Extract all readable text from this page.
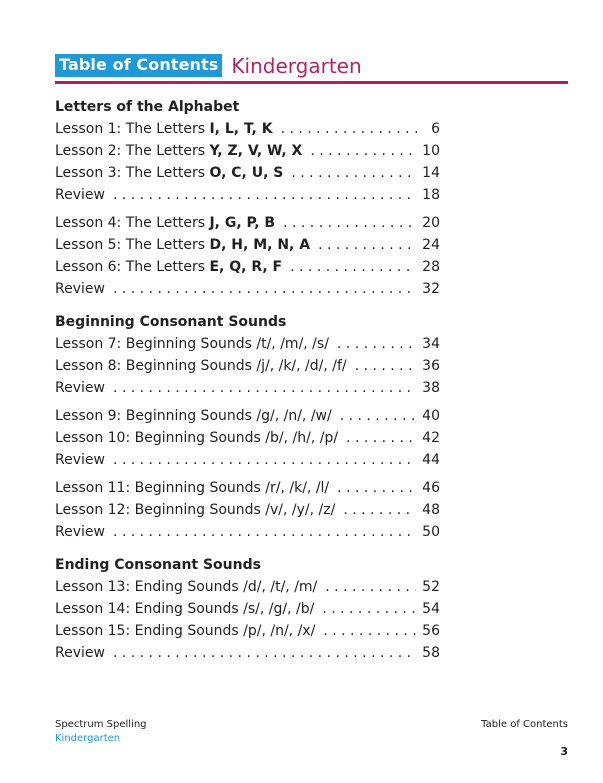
Table of Contents Kindergarten
Letters of the Alphabet
Lesson 1: The Letters I, L, T, K . . .	6
Lesson 2: The Letters Y, Z, V, W, X . . .	10
Lesson 3: The Letters O, C, U, S . . .	14
Review . . .	18
Lesson 4: The Letters J, G, P, B . . .	20
Lesson 5: The Letters D, H, M, N, A . . .	24
Lesson 6: The Letters E, Q, R, F . . .	28
Review . . .	32
Beginning Consonant Sounds
Lesson 7: Beginning Sounds /t/, /m/, /s/ . . .	34
Lesson 8: Beginning Sounds /j/, /k/, /d/, /f/ . . .	36
Review . . .	38
Lesson 9: Beginning Sounds /g/, /n/, /w/ . . .	40
Lesson 10: Beginning Sounds /b/, /h/, /p/ . . .	42
Review . . .	44
Lesson 11: Beginning Sounds /r/, /k/, /l/ . . .	46
Lesson 12: Beginning Sounds /v/, /y/, /z/ . . .	48
Review . . .	50
Ending Consonant Sounds
Lesson 13: Ending Sounds /d/, /t/, /m/ . . .	52
Lesson 14: Ending Sounds /s/, /g/, /b/ . . .	54
Lesson 15: Ending Sounds /p/, /n/, /x/ . . .	56
Review . . .	58
Spectrum Spelling
Kindergarten
Table of Contents
3
